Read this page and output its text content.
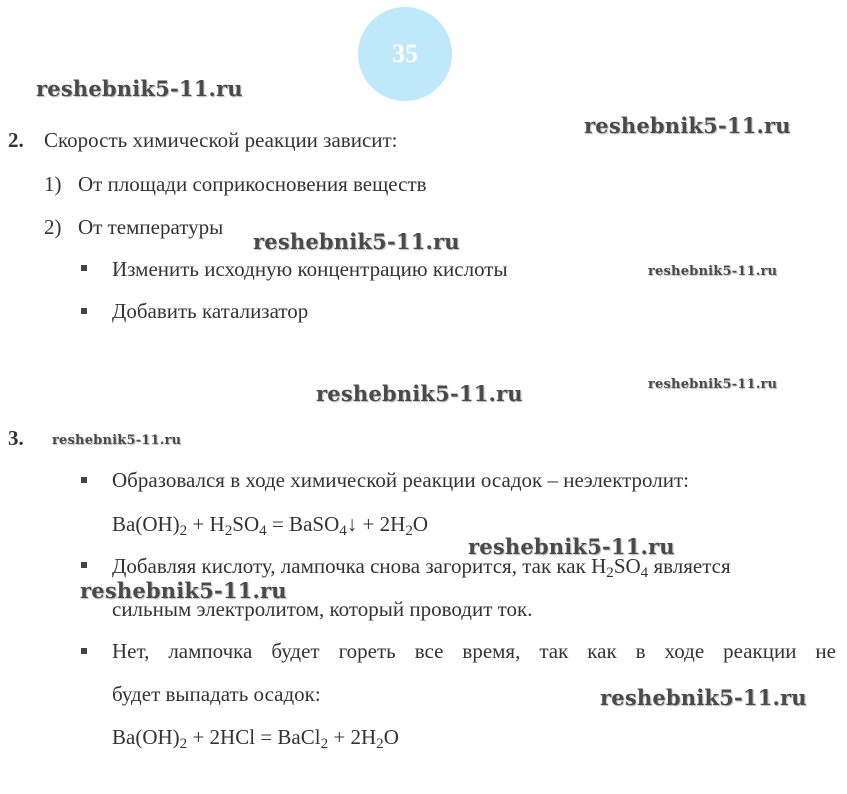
35
reshebnik5-11.ru
reshebnik5-11.ru
reshebnik5-11.ru
reshebnik5-11.ru
reshebnik5-11.ru	reshebnik5-11.ru
reshebnik5-11.ru
reshebnik5-11.ru
reshebnik5-11.ru
reshebnik5-11.ru
2. Скорость химической реакции зависит:
1) От площади соприкосновения веществ
2) От температуры
Изменить исходную концентрацию кислоты
Добавить катализатор
3.
Образовался в ходе химической реакции осадок – неэлектролит:
$Ba(OH)_2 + H_2SO_4$ = BaSO$_4$↓ + $2H_2O$
Добавляя кислоту, лампочка снова загорится, так как $H_2SO_4$ является
сильным электролитом, который проводит ток.
Нет, лампочка будет гореть все время, так как в ходе реакции не
будет выпадать осадок:
$Ba(OH)_2 + 2HCl$ = BaCl$_2$ + $2H_2O$
